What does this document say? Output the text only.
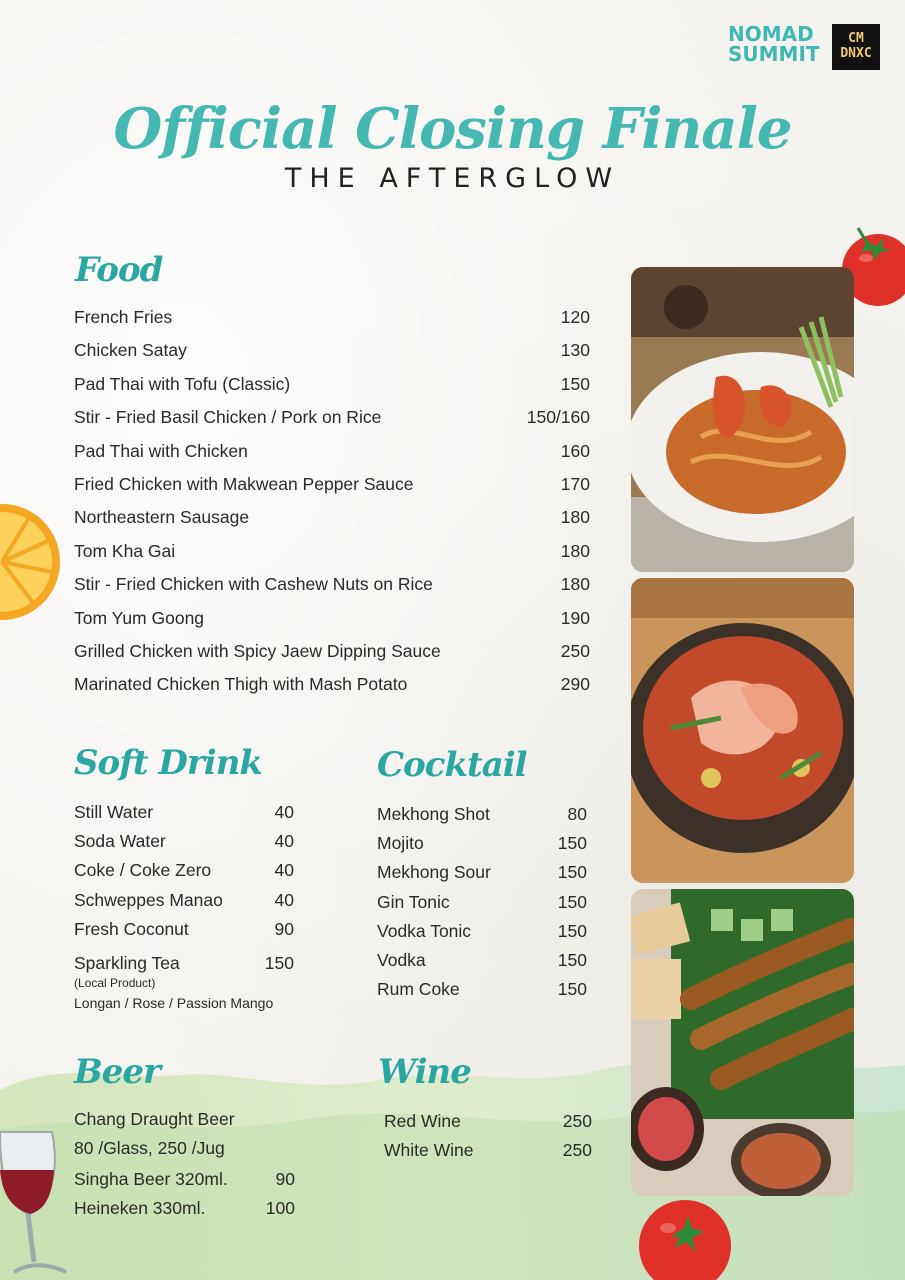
NOMAD
SUMMIT
CM
DNXC
Official Closing Finale
THE AFTERGLOW
Food
French Fries	120
Chicken Satay	130
Pad Thai with Tofu (Classic)	150
Stir - Fried Basil Chicken / Pork on Rice	150/160
Pad Thai with Chicken	160
Fried Chicken with Makwean Pepper Sauce	170
Northeastern Sausage	180
Tom Kha Gai	180
Stir - Fried Chicken with Cashew Nuts on Rice	180
Tom Yum Goong	190
Grilled Chicken with Spicy Jaew Dipping Sauce	250
Marinated Chicken Thigh with Mash Potato	290
Soft Drink
Still Water	40
Soda Water	40
Coke / Coke Zero	40
Schweppes Manao	40
Fresh Coconut	90
Sparkling Tea	150
(Local Product)
Longan / Rose / Passion Mango
Cocktail
Mekhong Shot	80
Mojito	150
Mekhong Sour	150
Gin Tonic	150
Vodka Tonic	150
Vodka	150
Rum Coke	150
Beer
Chang Draught Beer
80 /Glass, 250 /Jug
Singha Beer 320ml.	90
Heineken 330ml.	100
Wine
Red Wine	250
White Wine	250
